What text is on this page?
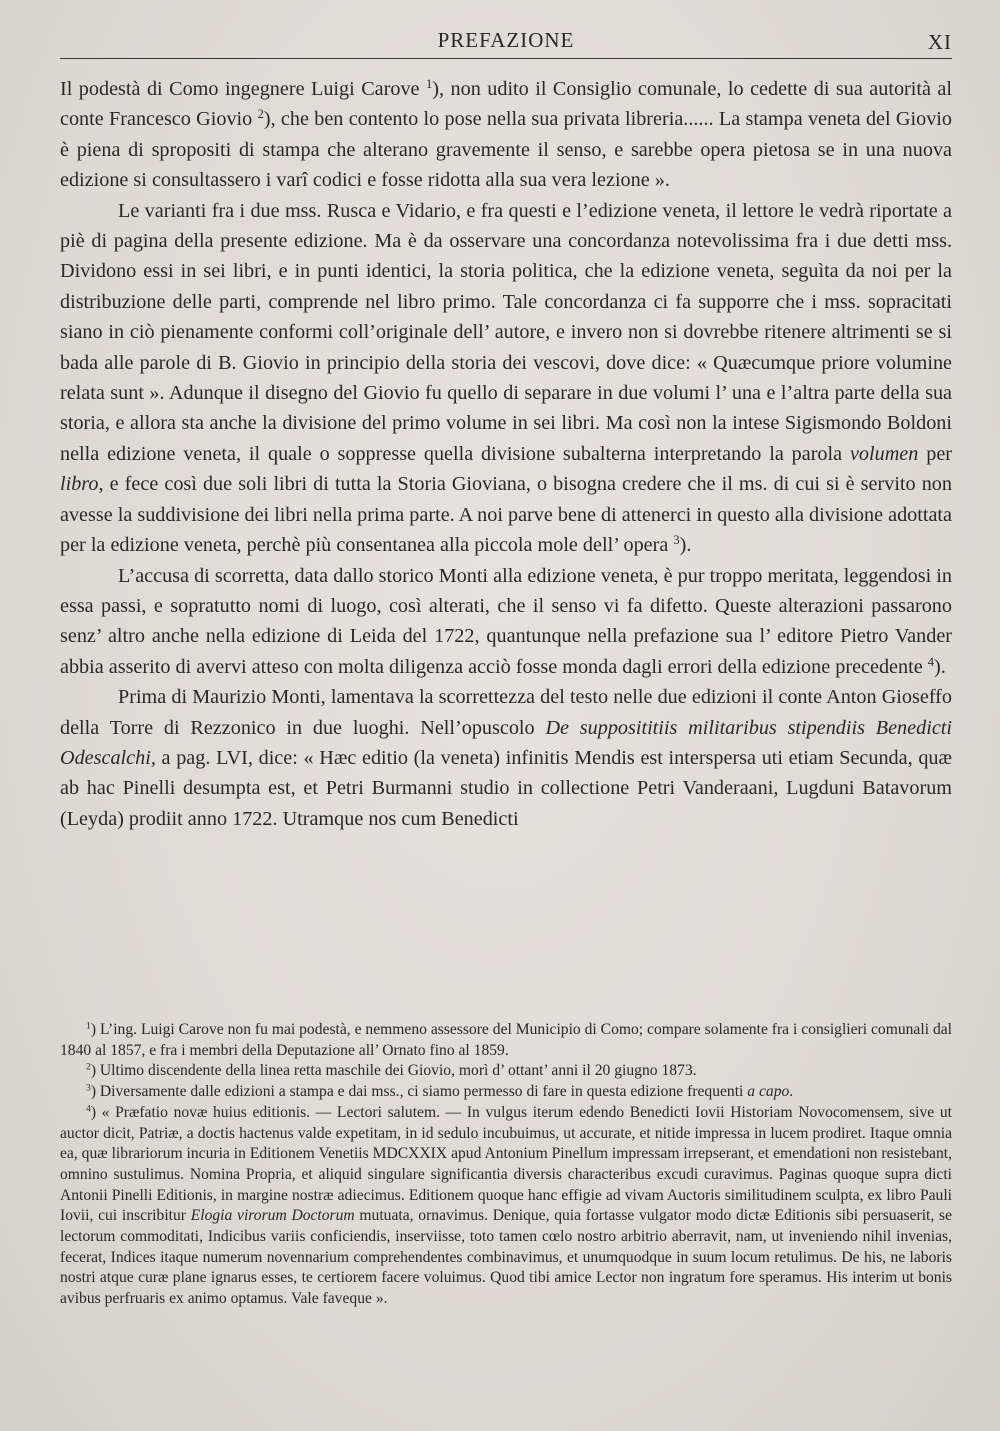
PREFAZIONE	XI

Il podestà di Como ingegnere Luigi Carove $^1$), non udito il Consiglio comunale, lo cedette di sua autorità al conte Francesco Giovio $^2$), che ben contento lo pose nella sua privata libreria...... La stampa veneta del Giovio è piena di spropositi di stampa che alterano gravemente il senso, e sarebbe opera pietosa se in una nuova edizione si consultassero i varî codici e fosse ridotta alla sua vera lezione ».

Le varianti fra i due mss. Rusca e Vidario, e fra questi e l’edizione veneta, il lettore le vedrà riportate a piè di pagina della presente edizione. Ma è da osservare una concordanza notevolissima fra i due detti mss. Dividono essi in sei libri, e in punti identici, la storia politica, che la edizione veneta, seguìta da noi per la distribuzione delle parti, comprende nel libro primo. Tale concordanza ci fa supporre che i mss. sopracitati siano in ciò pienamente conformi coll’originale dell’ autore, e invero non si dovrebbe ritenere altrimenti se si bada alle parole di B. Giovio in principio della storia dei vescovi, dove dice: « Quæcumque priore volumine relata sunt ». Adunque il disegno del Giovio fu quello di separare in due volumi l’ una e l’altra parte della sua storia, e allora sta anche la divisione del primo volume in sei libri. Ma così non la intese Sigismondo Boldoni nella edizione veneta, il quale o soppresse quella divisione subalterna interpretando la parola volumen per libro, e fece così due soli libri di tutta la Storia Gioviana, o bisogna credere che il ms. di cui si è servito non avesse la suddivisione dei libri nella prima parte. A noi parve bene di attenerci in questo alla divisione adottata per la edizione veneta, perchè più consentanea alla piccola mole dell’ opera $^3$).

L’accusa di scorretta, data dallo storico Monti alla edizione veneta, è pur troppo meritata, leggendosi in essa passi, e sopratutto nomi di luogo, così alterati, che il senso vi fa difetto. Queste alterazioni passarono senz’ altro anche nella edizione di Leida del 1722, quantunque nella prefazione sua l’ editore Pietro Vander abbia asserito di avervi atteso con molta diligenza acciò fosse monda dagli errori della edizione precedente $^4$).

Prima di Maurizio Monti, lamentava la scorrettezza del testo nelle due edizioni il conte Anton Gioseffo della Torre di Rezzonico in due luoghi. Nell’opuscolo De supposititiis militaribus stipendiis Benedicti Odescalchi, a pag. LVI, dice: « Hæc editio (la veneta) infinitis Mendis est interspersa uti etiam Secunda, quæ ab hac Pinelli desumpta est, et Petri Burmanni studio in collectione Petri Vanderaani, Lugduni Batavorum (Leyda) prodiit anno 1722. Utramque nos cum Benedicti

$^1$) L’ing. Luigi Carove non fu mai podestà, e nemmeno assessore del Municipio di Como; compare solamente fra i consiglieri comunali dal 1840 al 1857, e fra i membri della Deputazione all’ Ornato fino al 1859.

$^2$) Ultimo discendente della linea retta maschile dei Giovio, morì d’ ottant’ anni il 20 giugno 1873.

$^3$) Diversamente dalle edizioni a stampa e dai mss., ci siamo permesso di fare in questa edizione frequenti a capo.

$^4$) « Præfatio novæ huius editionis. — Lectori salutem. — In vulgus iterum edendo Benedicti Iovii Historiam Novocomensem, sive ut auctor dicit, Patriæ, a doctis hactenus valde expetitam, in id sedulo incubuimus, ut accurate, et nitide impressa in lucem prodiret. Itaque omnia ea, quæ librariorum incuria in Editionem Venetiis MDCXXIX apud Antonium Pinellum impressam irrepserant, et emendationi non resistebant, omnino sustulimus. Nomina Propria, et aliquid singulare significantia diversis characteribus excudi curavimus. Paginas quoque supra dicti Antonii Pinelli Editionis, in margine nostræ adiecimus. Editionem quoque hanc effigie ad vivam Auctoris similitudinem sculpta, ex libro Pauli Iovii, cui inscribitur Elogia virorum Doctorum mutuata, ornavimus. Denique, quia fortasse vulgator modo dictæ Editionis sibi persuaserit, se lectorum commoditati, Indicibus variis conficiendis, inserviisse, toto tamen cœlo nostro arbitrio aberravit, nam, ut inveniendo nihil invenias, fecerat, Indices itaque numerum novennarium comprehendentes combinavimus, et unumquodque in suum locum retulimus. De his, ne laboris nostri atque curæ plane ignarus esses, te certiorem facere voluimus. Quod tibi amice Lector non ingratum fore speramus. His interim ut bonis avibus perfruaris ex animo optamus. Vale faveque ».
